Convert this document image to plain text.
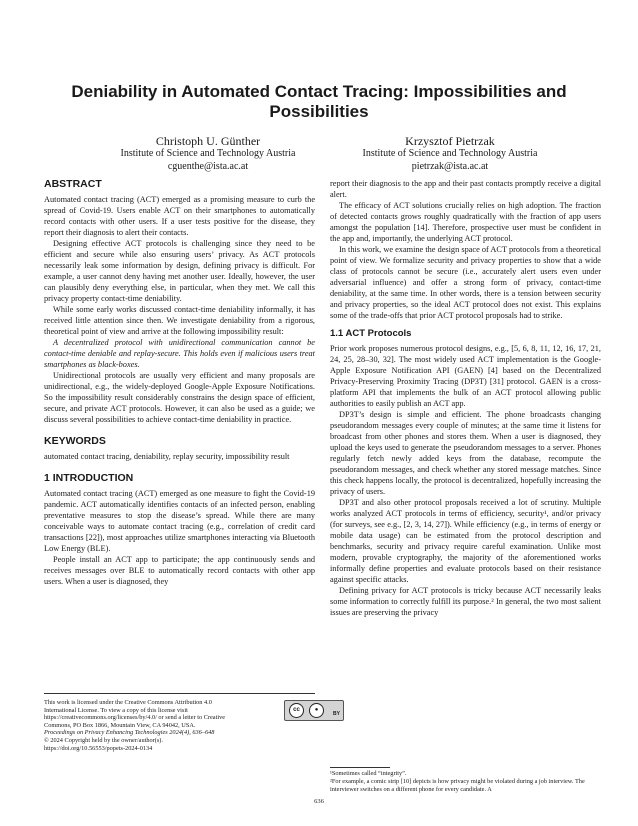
Deniability in Automated Contact Tracing: Impossibilities and Possibilities
Christoph U. Günther
Institute of Science and Technology Austria
cguenthe@ista.ac.at
Krzysztof Pietrzak
Institute of Science and Technology Austria
pietrzak@ista.ac.at
ABSTRACT

Automated contact tracing (ACT) emerged as a promising measure to curb the spread of Covid-19. Users enable ACT on their smartphones to automatically record contacts with other users. If a user tests positive for the disease, they report their diagnosis to alert their contacts.

Designing effective ACT protocols is challenging since they need to be efficient and secure while also ensuring users’ privacy. As ACT protocols necessarily leak some information by design, defining privacy is difficult. For example, a user cannot deny having met another user. Ideally, however, the user can plausibly deny everything else, in particular, when they met. We call this privacy property contact-time deniability.

While some early works discussed contact-time deniability informally, it has received little attention since then. We investigate deniability from a rigorous, theoretical point of view and arrive at the following impossibility result:

A decentralized protocol with unidirectional communication cannot be contact-time deniable and replay-secure. This holds even if malicious users treat smartphones as black-boxes.

Unidirectional protocols are usually very efficient and many proposals are unidirectional, e.g., the widely-deployed Google-Apple Exposure Notifications. So the impossibility result considerably constrains the design space of efficient, secure, and private ACT protocols. However, it can also be used as a guide; we discuss several possibilities to achieve contact-time deniability in practice.

KEYWORDS

automated contact tracing, deniability, replay security, impossibility result

1 INTRODUCTION

Automated contact tracing (ACT) emerged as one measure to fight the Covid-19 pandemic. ACT automatically identifies contacts of an infected person, enabling preventative measures to stop the disease’s spread. While there are many conceivable ways to automate contact tracing (e.g., correlation of credit card transactions [22]), most approaches utilize smartphones interacting via Bluetooth Low Energy (BLE).

People install an ACT app to participate; the app continuously sends and receives messages over BLE to automatically record contacts with other app users. When a user is diagnosed, they

This work is licensed under the Creative Commons Attribution 4.0 International License. To view a copy of this license visit https://creativecommons.org/licenses/by/4.0/ or send a letter to Creative Commons, PO Box 1866, Mountain View, CA 94042, USA.
cc	●
BY
Proceedings on Privacy Enhancing Technologies 2024(4), 636–648
© 2024 Copyright held by the owner/author(s).
https://doi.org/10.56553/popets-2024-0134

report their diagnosis to the app and their past contacts promptly receive a digital alert.

The efficacy of ACT solutions crucially relies on high adoption. The fraction of detected contacts grows roughly quadratically with the fraction of app users amongst the population [14]. Therefore, prospective user must be confident in the app and, importantly, the underlying ACT protocol.

In this work, we examine the design space of ACT protocols from a theoretical point of view. We formalize security and privacy properties to show that a wide class of protocols cannot be secure (i.e., accurately alert users even under adversarial influence) and offer a strong form of privacy, contact-time deniability, at the same time. In other words, there is a tension between security and privacy properties, so the ideal ACT protocol does not exist. This explains some of the trade-offs that prior ACT protocol proposals had to strike.

1.1 ACT Protocols

Prior work proposes numerous protocol designs, e.g., [5, 6, 8, 11, 12, 16, 17, 21, 24, 25, 28–30, 32]. The most widely used ACT implementation is the Google-Apple Exposure Notification API (GAEN) [4] based on the Decentralized Privacy-Preserving Proximity Tracing (DP3T) [31] protocol. GAEN is a cross-platform API that implements the bulk of an ACT protocol allowing public authorities to easily publish an ACT app.

DP3T’s design is simple and efficient. The phone broadcasts changing pseudorandom messages every couple of minutes; at the same time it listens for broadcast from other phones and stores them. When a user is diagnosed, they upload the keys used to generate the pseudorandom messages to a server. Phones regularly fetch newly added keys from the database, recompute the pseudorandom messages, and check whether any stored message matches. Since this check happens locally, the protocol is decentralized, hopefully increasing the privacy of users.

DP3T and also other protocol proposals received a lot of scrutiny. Multiple works analyzed ACT protocols in terms of efficiency, security¹, and/or privacy (for surveys, see e.g., [2, 3, 14, 27]). While efficiency (e.g., in terms of energy or mobile data usage) can be estimated from the protocol description and benchmarks, security and privacy require careful examination. Unlike most modern, provable cryptography, the majority of the aforementioned works informally define properties and evaluate protocols based on their resistance against specific attacks.

Defining privacy for ACT protocols is tricky because ACT necessarily leaks some information to correctly fulfill its purpose.² In general, the two most salient issues are preserving the privacy

¹Sometimes called “integrity”.
²For example, a comic strip [10] depicts is how privacy might be violated during a job interview. The interviewer switches on a different phone for every candidate. A
636
